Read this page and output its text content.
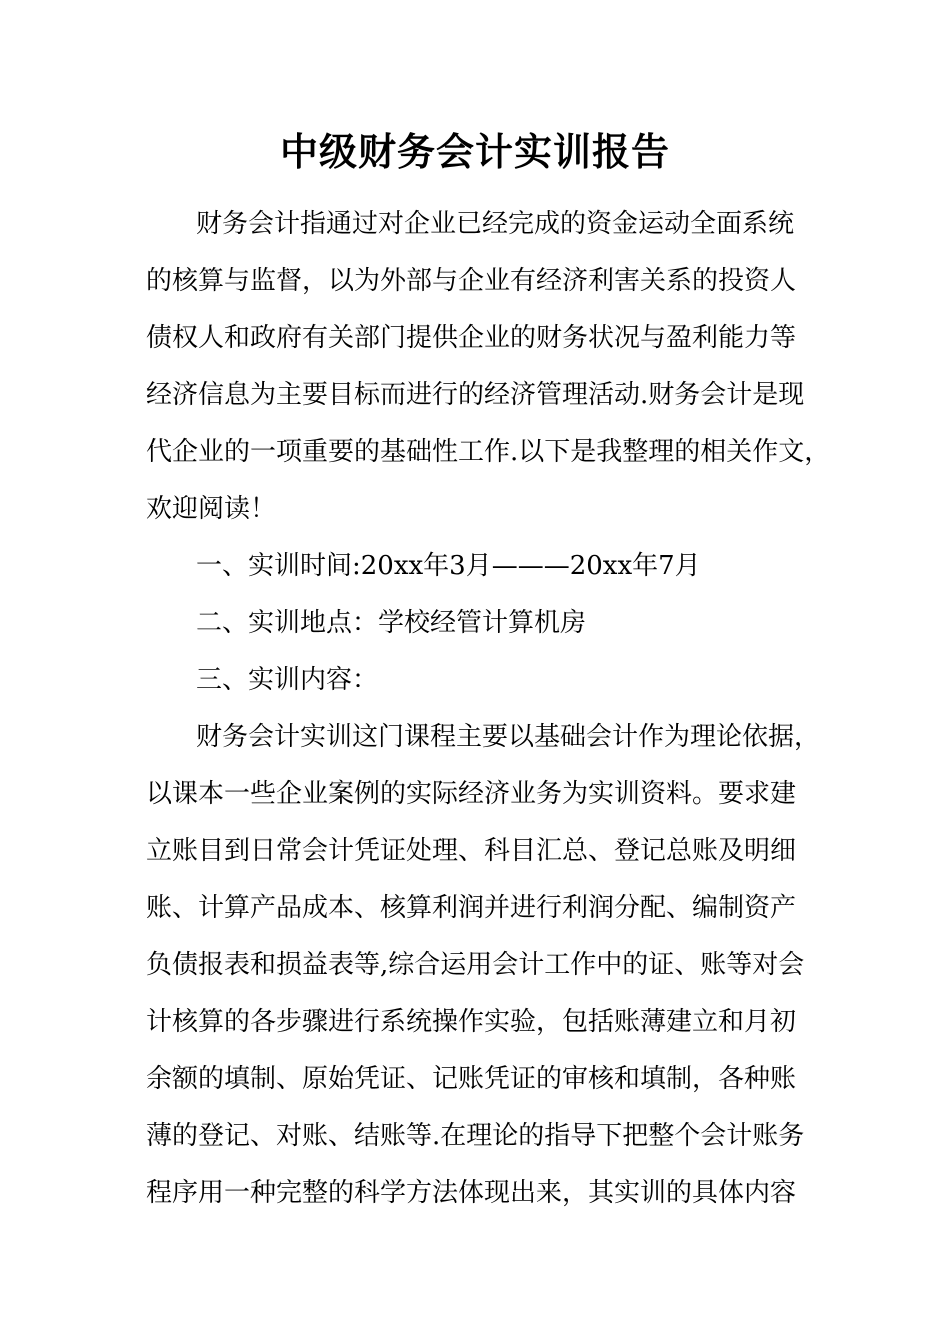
中级财务会计实训报告
财务会计指通过对企业已经完成的资金运动全面系统
的核算与监督，以为外部与企业有经济利害关系的投资人
债权人和政府有关部门提供企业的财务状况与盈利能力等
经济信息为主要目标而进行的经济管理活动.财务会计是现
代企业的一项重要的基础性工作.以下是我整理的相关作文，
欢迎阅读！
一、实训时间:20xx年3月———20xx年7月
二、实训地点：学校经管计算机房
三、实训内容：
财务会计实训这门课程主要以基础会计作为理论依据，
以课本一些企业案例的实际经济业务为实训资料。要求建
立账目到日常会计凭证处理、科目汇总、登记总账及明细
账、计算产品成本、核算利润并进行利润分配、编制资产
负债报表和损益表等,综合运用会计工作中的证、账等对会
计核算的各步骤进行系统操作实验，包括账薄建立和月初
余额的填制、原始凭证、记账凭证的审核和填制，各种账
薄的登记、对账、结账等.在理论的指导下把整个会计账务
程序用一种完整的科学方法体现出来，其实训的具体内容
